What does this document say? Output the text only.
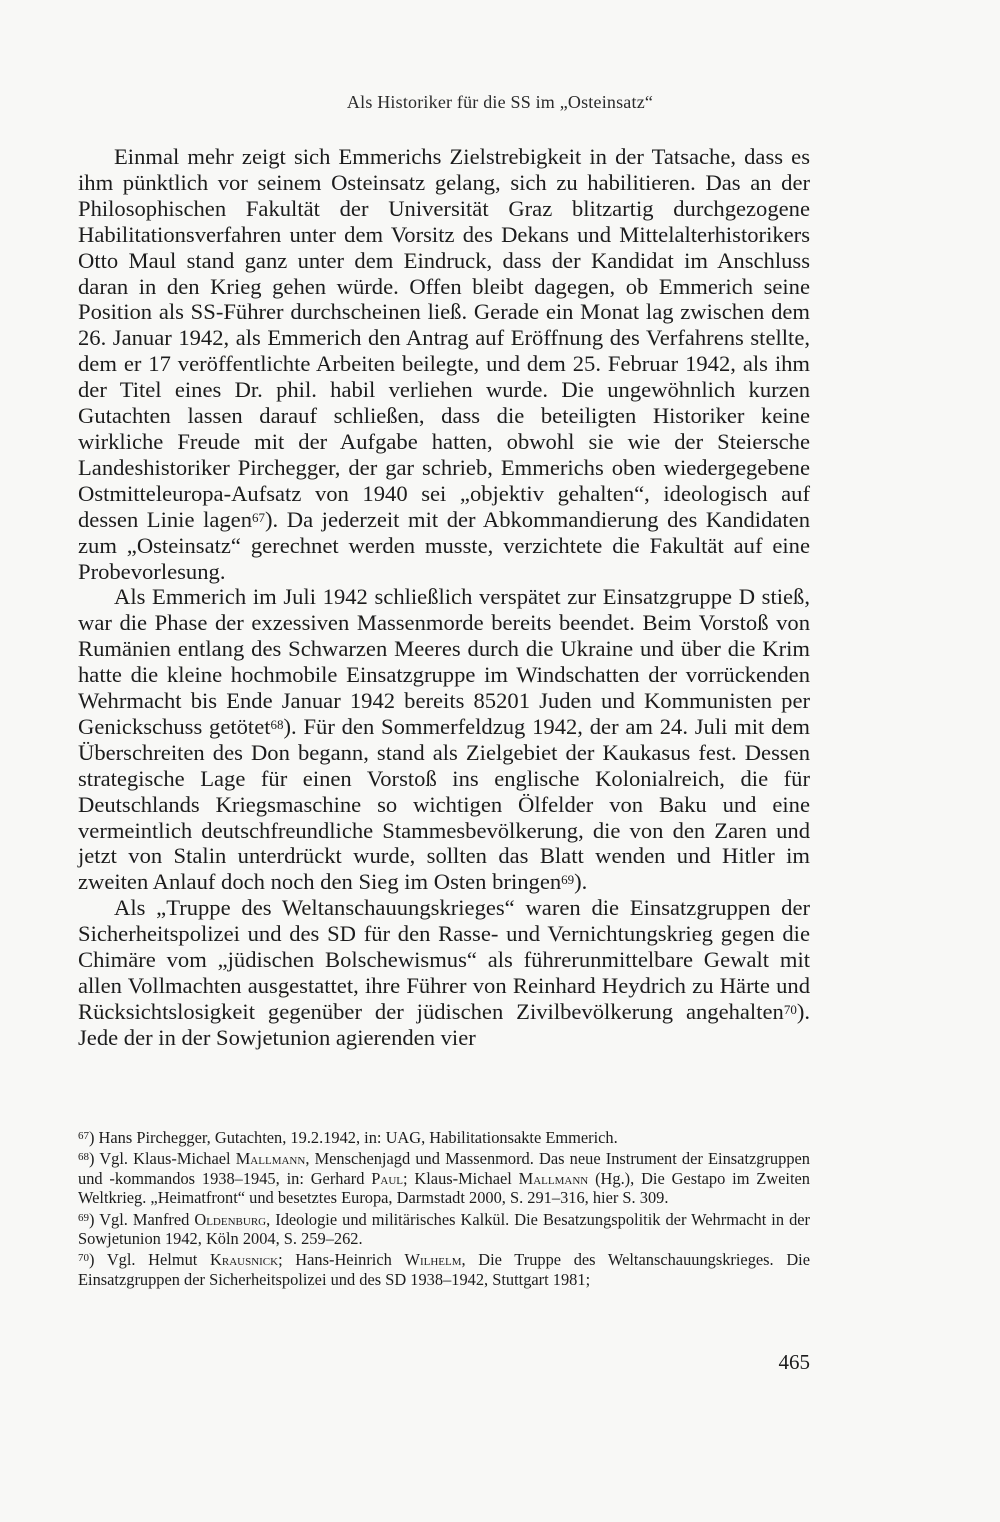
Als Historiker für die SS im „Osteinsatz“

Einmal mehr zeigt sich Emmerichs Zielstrebigkeit in der Tatsache, dass es ihm pünktlich vor seinem Osteinsatz gelang, sich zu habilitieren. Das an der Philosophischen Fakultät der Universität Graz blitzartig durchgezogene Habilitationsverfahren unter dem Vorsitz des Dekans und Mittelalterhistorikers Otto Maul stand ganz unter dem Eindruck, dass der Kandidat im Anschluss daran in den Krieg gehen würde. Offen bleibt dagegen, ob Emmerich seine Position als SS-Führer durchscheinen ließ. Gerade ein Monat lag zwischen dem 26. Januar 1942, als Emmerich den Antrag auf Eröffnung des Verfahrens stellte, dem er 17 veröffentlichte Arbeiten beilegte, und dem 25. Februar 1942, als ihm der Titel eines Dr. phil. habil verliehen wurde. Die ungewöhnlich kurzen Gutachten lassen darauf schließen, dass die beteiligten Historiker keine wirkliche Freude mit der Aufgabe hatten, obwohl sie wie der Steiersche Landeshistoriker Pirchegger, der gar schrieb, Emmerichs oben wiedergegebene Ostmitteleuropa-Aufsatz von 1940 sei „objektiv gehalten“, ideologisch auf dessen Linie lagen$^{67}$). Da jederzeit mit der Abkommandierung des Kandidaten zum „Osteinsatz“ gerechnet werden musste, verzichtete die Fakultät auf eine Probevorlesung.

Als Emmerich im Juli 1942 schließlich verspätet zur Einsatzgruppe D stieß, war die Phase der exzessiven Massenmorde bereits beendet. Beim Vorstoß von Rumänien entlang des Schwarzen Meeres durch die Ukraine und über die Krim hatte die kleine hochmobile Einsatzgruppe im Windschatten der vorrückenden Wehrmacht bis Ende Januar 1942 bereits 85201 Juden und Kommunisten per Genickschuss getötet$^{68}$). Für den Sommerfeldzug 1942, der am 24. Juli mit dem Überschreiten des Don begann, stand als Zielgebiet der Kaukasus fest. Dessen strategische Lage für einen Vorstoß ins englische Kolonialreich, die für Deutschlands Kriegsmaschine so wichtigen Ölfelder von Baku und eine vermeintlich deutschfreundliche Stammesbevölkerung, die von den Zaren und jetzt von Stalin unterdrückt wurde, sollten das Blatt wenden und Hitler im zweiten Anlauf doch noch den Sieg im Osten bringen$^{69}$).

Als „Truppe des Weltanschauungskrieges“ waren die Einsatzgruppen der Sicherheitspolizei und des SD für den Rasse- und Vernichtungskrieg gegen die Chimäre vom „jüdischen Bolschewismus“ als führerunmittelbare Gewalt mit allen Vollmachten ausgestattet, ihre Führer von Reinhard Heydrich zu Härte und Rücksichtslosigkeit gegenüber der jüdischen Zivilbevölkerung angehalten$^{70}$). Jede der in der Sowjetunion agierenden vier

$^{67}$) Hans Pirchegger, Gutachten, 19.2.1942, in: UAG, Habilitationsakte Emmerich.
$^{68}$) Vgl. Klaus-Michael Mallmann, Menschenjagd und Massenmord. Das neue Instrument der Einsatzgruppen und -kommandos 1938–1945, in: Gerhard Paul; Klaus-Michael Mallmann (Hg.), Die Gestapo im Zweiten Weltkrieg. „Heimatfront“ und besetztes Europa, Darmstadt 2000, S. 291–316, hier S. 309.
$^{69}$) Vgl. Manfred Oldenburg, Ideologie und militärisches Kalkül. Die Besatzungspolitik der Wehrmacht in der Sowjetunion 1942, Köln 2004, S. 259–262.
$^{70}$) Vgl. Helmut Krausnick; Hans-Heinrich Wilhelm, Die Truppe des Weltanschauungskrieges. Die Einsatzgruppen der Sicherheitspolizei und des SD 1938–1942, Stuttgart 1981;
465
